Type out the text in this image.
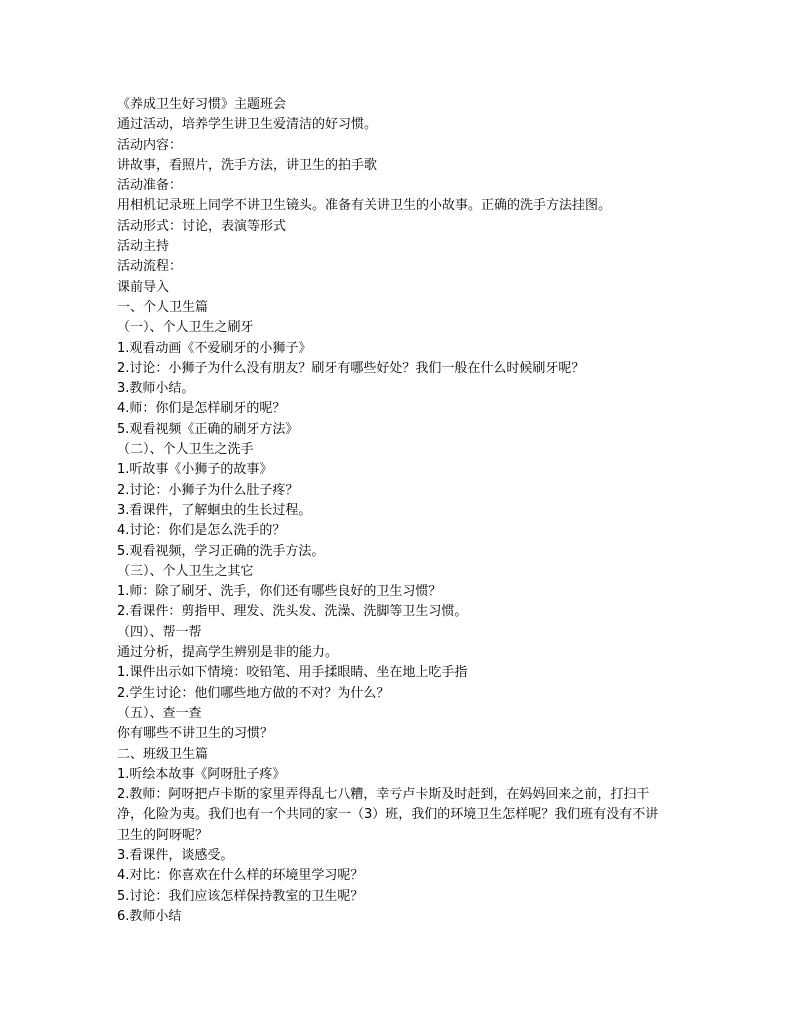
《养成卫生好习惯》主题班会
通过活动，培养学生讲卫生爱清洁的好习惯。
活动内容：
讲故事，看照片，洗手方法，讲卫生的拍手歌
活动准备：
用相机记录班上同学不讲卫生镜头。准备有关讲卫生的小故事。正确的洗手方法挂图。
活动形式：讨论，表演等形式
活动主持
活动流程：
课前导入
一、个人卫生篇
（一）、个人卫生之刷牙
1.观看动画《不爱刷牙的小狮子》
2.讨论：小狮子为什么没有朋友？刷牙有哪些好处？我们一般在什么时候刷牙呢？
3.教师小结。
4.师：你们是怎样刷牙的呢？
5.观看视频《正确的刷牙方法》
（二）、个人卫生之洗手
1.听故事《小狮子的故事》
2.讨论：小狮子为什么肚子疼？
3.看课件，了解蛔虫的生长过程。
4.讨论：你们是怎么洗手的？
5.观看视频，学习正确的洗手方法。
（三）、个人卫生之其它
1.师：除了刷牙、洗手，你们还有哪些良好的卫生习惯？
2.看课件：剪指甲、理发、洗头发、洗澡、洗脚等卫生习惯。
（四）、帮一帮
通过分析，提高学生辨别是非的能力。
1.课件出示如下情境：咬铅笔、用手揉眼睛、坐在地上吃手指
2.学生讨论：他们哪些地方做的不对？为什么？
（五）、查一查
你有哪些不讲卫生的习惯？
二、班级卫生篇
1.听绘本故事《阿呀肚子疼》
2.教师：阿呀把卢卡斯的家里弄得乱七八糟，幸亏卢卡斯及时赶到，在妈妈回来之前，打扫干
净，化险为夷。我们也有一个共同的家一（3）班，我们的环境卫生怎样呢？我们班有没有不讲
卫生的阿呀呢？
3.看课件，谈感受。
4.对比：你喜欢在什么样的环境里学习呢？
5.讨论：我们应该怎样保持教室的卫生呢？
6.教师小结
